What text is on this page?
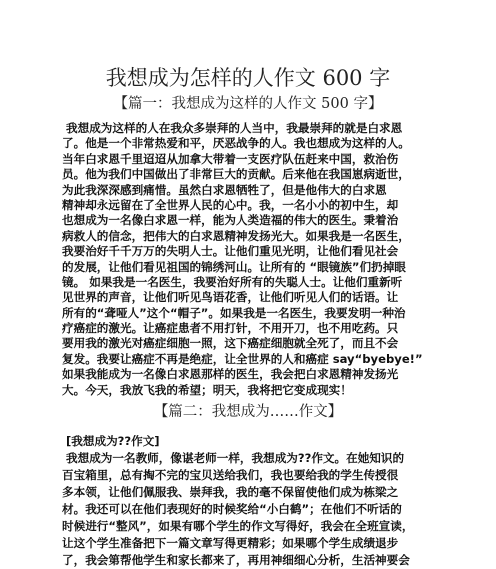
我想成为怎样的人作文 600 字
【篇一：我想成为这样的人作文 500 字】
我想成为这样的人在我众多崇拜的人当中，我最崇拜的就是白求恩
了。他是一个非常热爱和平，厌恶战争的人。我也想成为这样的人。
当年白求恩千里迢迢从加拿大带着一支医疗队伍赶来中国，救治伤
员。他为我们中国做出了非常巨大的贡献。后来他在我国崽病逝世，
为此我深深感到痛惜。虽然白求恩牺牲了，但是他伟大的白求恩
精神却永远留在了全世界人民的心中。我，一名小小的初中生，却
也想成为一名像白求恩一样，能为人类造福的伟大的医生。秉着治
病救人的信念，把伟大的白求恩精神发扬光大。如果我是一名医生，
我要治好千千万万的失明人士。让他们重见光明，让他们看见社会
的发展，让他们看见祖国的锦绣河山。让所有的 “眼镜族”们扔掉眼
镜。 如果我是一名医生，我要治好所有的失聪人士。让他们重新听
见世界的声音，让他们听见鸟语花香，让他们听见人们的话语。让
所有的“聋哑人”这个“帽子”。如果我是一名医生，我要发明一种治
疗癌症的激光。让癌症患者不用打针，不用开刀，也不用吃药。只
要用我的激光对癌症细胞一照，这下癌症细胞就全死了，而且不会
复发。我要让癌症不再是绝症，让全世界的人和癌症 say“byebye!”
如果我能成为一名像白求恩那样的医生，我会把白求恩精神发扬光
大。今天，我放飞我的希望；明天，我将把它变成现实！
【篇二：我想成为……作文】
[我想成为??作文]
我想成为一名教师，像谌老师一样，我想成为??作文。在她知识的
百宝箱里，总有掏不完的宝贝送给我们，我也要给我的学生传授很
多本领，让他们佩服我、崇拜我，我的毫不保留使他们成为栋梁之
材。我还可以在他们表现好的时候奖给“小白鹤”；在他们不听话的
时候进行“整风”，如果有哪个学生的作文写得好，我会在全班宣读，
让这个学生准备把下一篇文章写得更精彩；如果哪个学生成绩退步
了，我会第帮他学生和家长都来了，再用神细细心分析，生活神要会
